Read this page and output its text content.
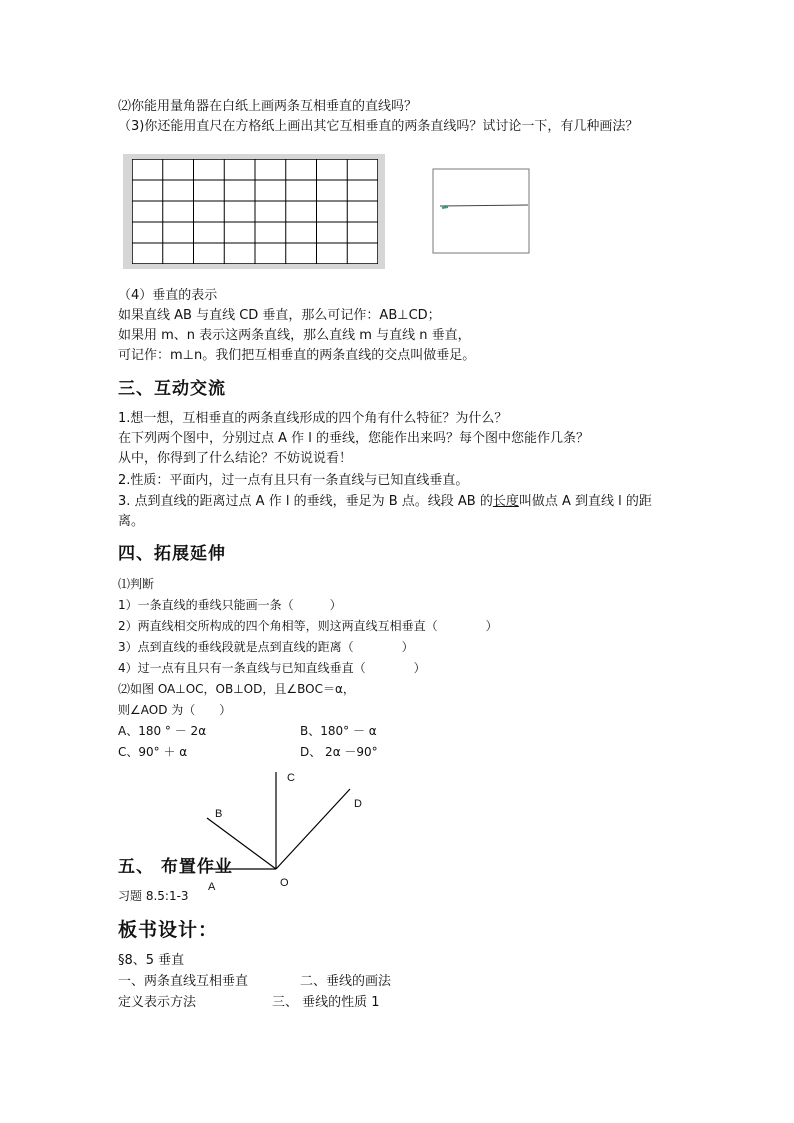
⑵你能用量角器在白纸上画两条互相垂直的直线吗？
（3)你还能用直尺在方格纸上画出其它互相垂直的两条直线吗？试讨论一下，有几种画法？
（4）垂直的表示
如果直线 AB 与直线 CD 垂直，那么可记作：AB⊥CD；
如果用 m、n 表示这两条直线，那么直线 m 与直线 n 垂直，
可记作：m⊥n。我们把互相垂直的两条直线的交点叫做垂足。
三、互动交流
1.想一想，互相垂直的两条直线形成的四个角有什么特征？为什么？
在下列两个图中，分别过点 A 作 l 的垂线，您能作出来吗？每个图中您能作几条？
从中，你得到了什么结论？不妨说说看！
2.性质：平面内，过一点有且只有一条直线与已知直线垂直。
3. 点到直线的距离过点 A 作 l 的垂线，垂足为 B 点。线段 AB 的长度叫做点 A 到直线 l 的距
离。
四、拓展延伸
⑴判断
1）一条直线的垂线只能画一条（　　　）
2）两直线相交所构成的四个角相等，则这两直线互相垂直（　　　　）
3）点到直线的垂线段就是点到直线的距离（　　　　）
4）过一点有且只有一条直线与已知直线垂直（　　　　）
⑵如图 OA⊥OC，OB⊥OD，且∠BOC＝α，
则∠AOD 为（　　）
A、180 ° － 2α	B、180° － α
C、90° ＋ α	D、 2α －90°
A
B
C
D
O
五、 布置作业
习题 8.5:1-3
板书设计：
§8、5 垂直
一、两条直线互相垂直	二、垂线的画法
定义表示方法	三、 垂线的性质 1
